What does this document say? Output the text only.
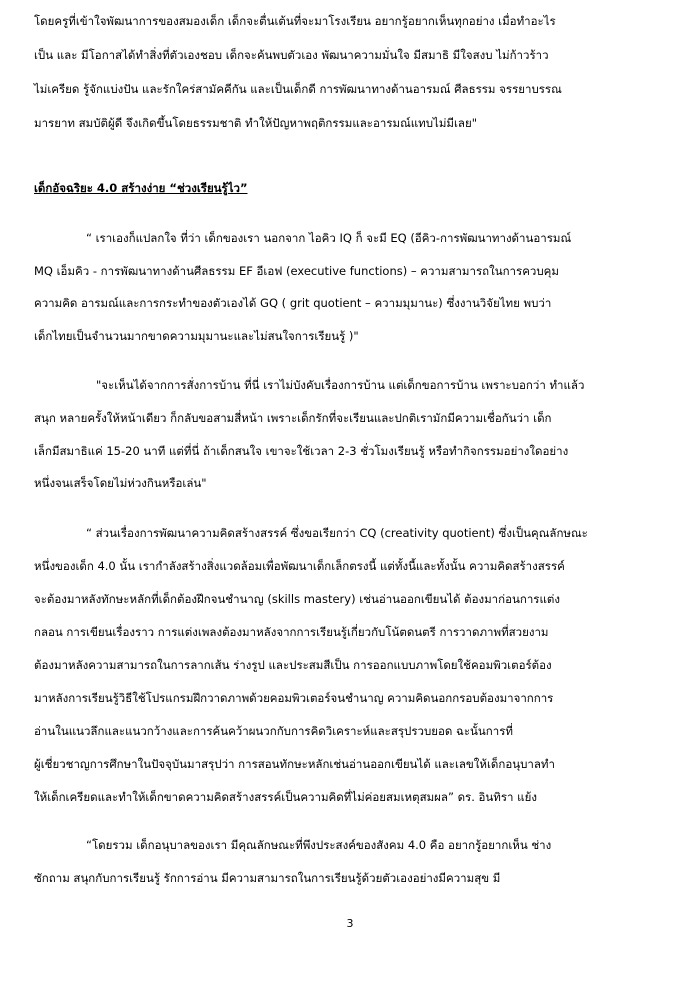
โดยครูที่เข้าใจพัฒนาการของสมองเด็ก เด็กจะตื่นเต้นที่จะมาโรงเรียน อยากรู้อยากเห็นทุกอย่าง เมื่อทำอะไร
เป็น และ มีโอกาสได้ทำสิ่งที่ตัวเองชอบ เด็กจะค้นพบตัวเอง พัฒนาความมั่นใจ มีสมาธิ มีใจสงบ ไม่ก้าวร้าว
ไม่เครียด รู้จักแบ่งปัน และรักใคร่สามัคคีกัน และเป็นเด็กดี การพัฒนาทางด้านอารมณ์ ศีลธรรม จรรยาบรรณ
มารยาท สมบัติผู้ดี จึงเกิดขึ้นโดยธรรมชาติ ทำให้ปัญหาพฤติกรรมและอารมณ์แทบไม่มีเลย"
เด็กอัจฉริยะ 4.0 สร้างง่าย “ช่วงเรียนรู้ไว”
“ เราเองก็แปลกใจ ที่ว่า เด็กของเรา นอกจาก ไอคิว IQ ก็ จะมี EQ (อีคิว-การพัฒนาทางด้านอารมณ์
MQ เอ็มคิว - การพัฒนาทางด้านศีลธรรม EF อีเอฟ (executive functions) – ความสามารถในการควบคุม
ความคิด อารมณ์และการกระทำของตัวเองได้ GQ ( grit quotient – ความมุมานะ) ซึ่งงานวิจัยไทย พบว่า
เด็กไทยเป็นจำนวนมากขาดความมุมานะและไม่สนใจการเรียนรู้ )"
"จะเห็นได้จากการสั่งการบ้าน ที่นี่ เราไม่บังคับเรื่องการบ้าน แต่เด็กขอการบ้าน เพราะบอกว่า ทำแล้ว
สนุก หลายครั้งให้หน้าเดียว ก็กลับขอสามสี่หน้า เพราะเด็กรักที่จะเรียนและปกติเรามักมีความเชื่อกันว่า เด็ก
เล็กมีสมาธิแค่ 15-20 นาที แต่ที่นี่ ถ้าเด็กสนใจ เขาจะใช้เวลา 2-3 ชั่วโมงเรียนรู้ หรือทำกิจกรรมอย่างใดอย่าง
หนึ่งจนเสร็จโดยไม่ห่วงกินหรือเล่น"
“ ส่วนเรื่องการพัฒนาความคิดสร้างสรรค์ ซึ่งขอเรียกว่า CQ (creativity quotient) ซึ่งเป็นคุณลักษณะ
หนึ่งของเด็ก 4.0 นั้น เรากำลังสร้างสิ่งแวดล้อมเพื่อพัฒนาเด็กเล็กตรงนี้ แต่ทั้งนี้และทั้งนั้น ความคิดสร้างสรรค์
จะต้องมาหลังทักษะหลักที่เด็กต้องฝึกจนชำนาญ (skills mastery) เช่นอ่านออกเขียนได้ ต้องมาก่อนการแต่ง
กลอน การเขียนเรื่องราว การแต่งเพลงต้องมาหลังจากการเรียนรู้เกี่ยวกับโน้ตดนตรี การวาดภาพที่สวยงาม
ต้องมาหลังความสามารถในการลากเส้น ร่างรูป และประสมสีเป็น การออกแบบภาพโดยใช้คอมพิวเตอร์ต้อง
มาหลังการเรียนรู้วิธีใช้โปรแกรมฝึกวาดภาพด้วยคอมพิวเตอร์จนชำนาญ ความคิดนอกกรอบต้องมาจากการ
อ่านในแนวลึกและแนวกว้างและการค้นคว้าผนวกกับการคิดวิเคราะห์และสรุปรวบยอด ฉะนั้นการที่
ผู้เชี่ยวชาญการศึกษาในปัจจุบันมาสรุปว่า การสอนทักษะหลักเช่นอ่านออกเขียนได้ และเลขให้เด็กอนุบาลทำ
ให้เด็กเครียดและทำให้เด็กขาดความคิดสร้างสรรค์เป็นความคิดที่ไม่ค่อยสมเหตุสมผล” ดร. อินทิรา แย้ง
“โดยรวม เด็กอนุบาลของเรา มีคุณลักษณะที่พึงประสงค์ของสังคม 4.0 คือ อยากรู้อยากเห็น ช่าง
ซักถาม สนุกกับการเรียนรู้ รักการอ่าน มีความสามารถในการเรียนรู้ด้วยตัวเองอย่างมีความสุข มี
3
